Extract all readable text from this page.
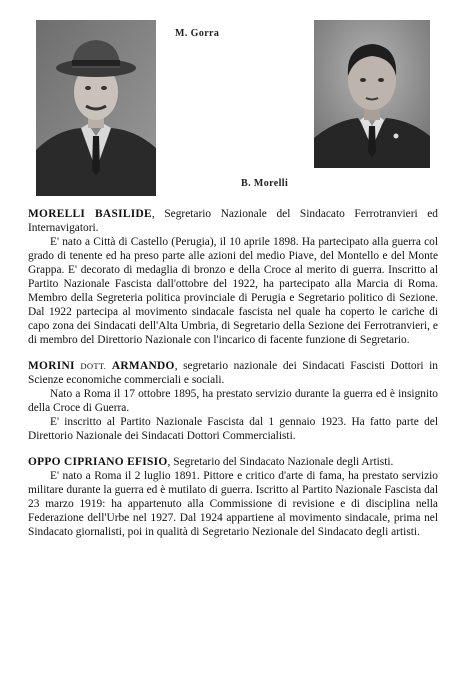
M. Gorra
B. Morelli

MORELLI BASILIDE, Segretario Nazionale del Sindacato Ferrotranvieri ed Internavigatori.

E' nato a Città di Castello (Perugia), il 10 aprile 1898. Ha partecipato alla guerra col grado di tenente ed ha preso parte alle azioni del medio Piave, del Montello e del Monte Grappa. E' decorato di medaglia di bronzo e della Croce al merito di guerra. Inscritto al Partito Nazionale Fascista dall'ottobre del 1922, ha partecipato alla Marcia di Roma. Membro della Segreteria politica provinciale di Perugia e Segretario politico di Sezione. Dal 1922 partecipa al movimento sindacale fascista nel quale ha coperto le cariche di capo zona dei Sindacati dell'Alta Umbria, di Segretario della Sezione dei Ferrotranvieri, e di membro del Direttorio Nazionale con l'incarico di facente funzione di Segretario.

MORINI DOTT. ARMANDO, segretario nazionale dei Sindacati Fascisti Dottori in Scienze economiche commerciali e sociali.

Nato a Roma il 17 ottobre 1895, ha prestato servizio durante la guerra ed è insignito della Croce di Guerra.

E' inscritto al Partito Nazionale Fascista dal 1 gennaio 1923. Ha fatto parte del Direttorio Nazionale dei Sindacati Dottori Commercialisti.

OPPO CIPRIANO EFISIO, Segretario del Sindacato Nazionale degli Artisti.

E' nato a Roma il 2 luglio 1891. Pittore e critico d'arte di fama, ha prestato servizio militare durante la guerra ed è mutilato di guerra. Iscritto al Partito Nazionale Fascista dal 23 marzo 1919: ha appartenuto alla Commissione di revisione e di disciplina nella Federazione dell'Urbe nel 1927. Dal 1924 appartiene al movimento sindacale, prima nel Sindacato giornalisti, poi in qualità di Segretario Nezionale del Sindacato degli artisti.
